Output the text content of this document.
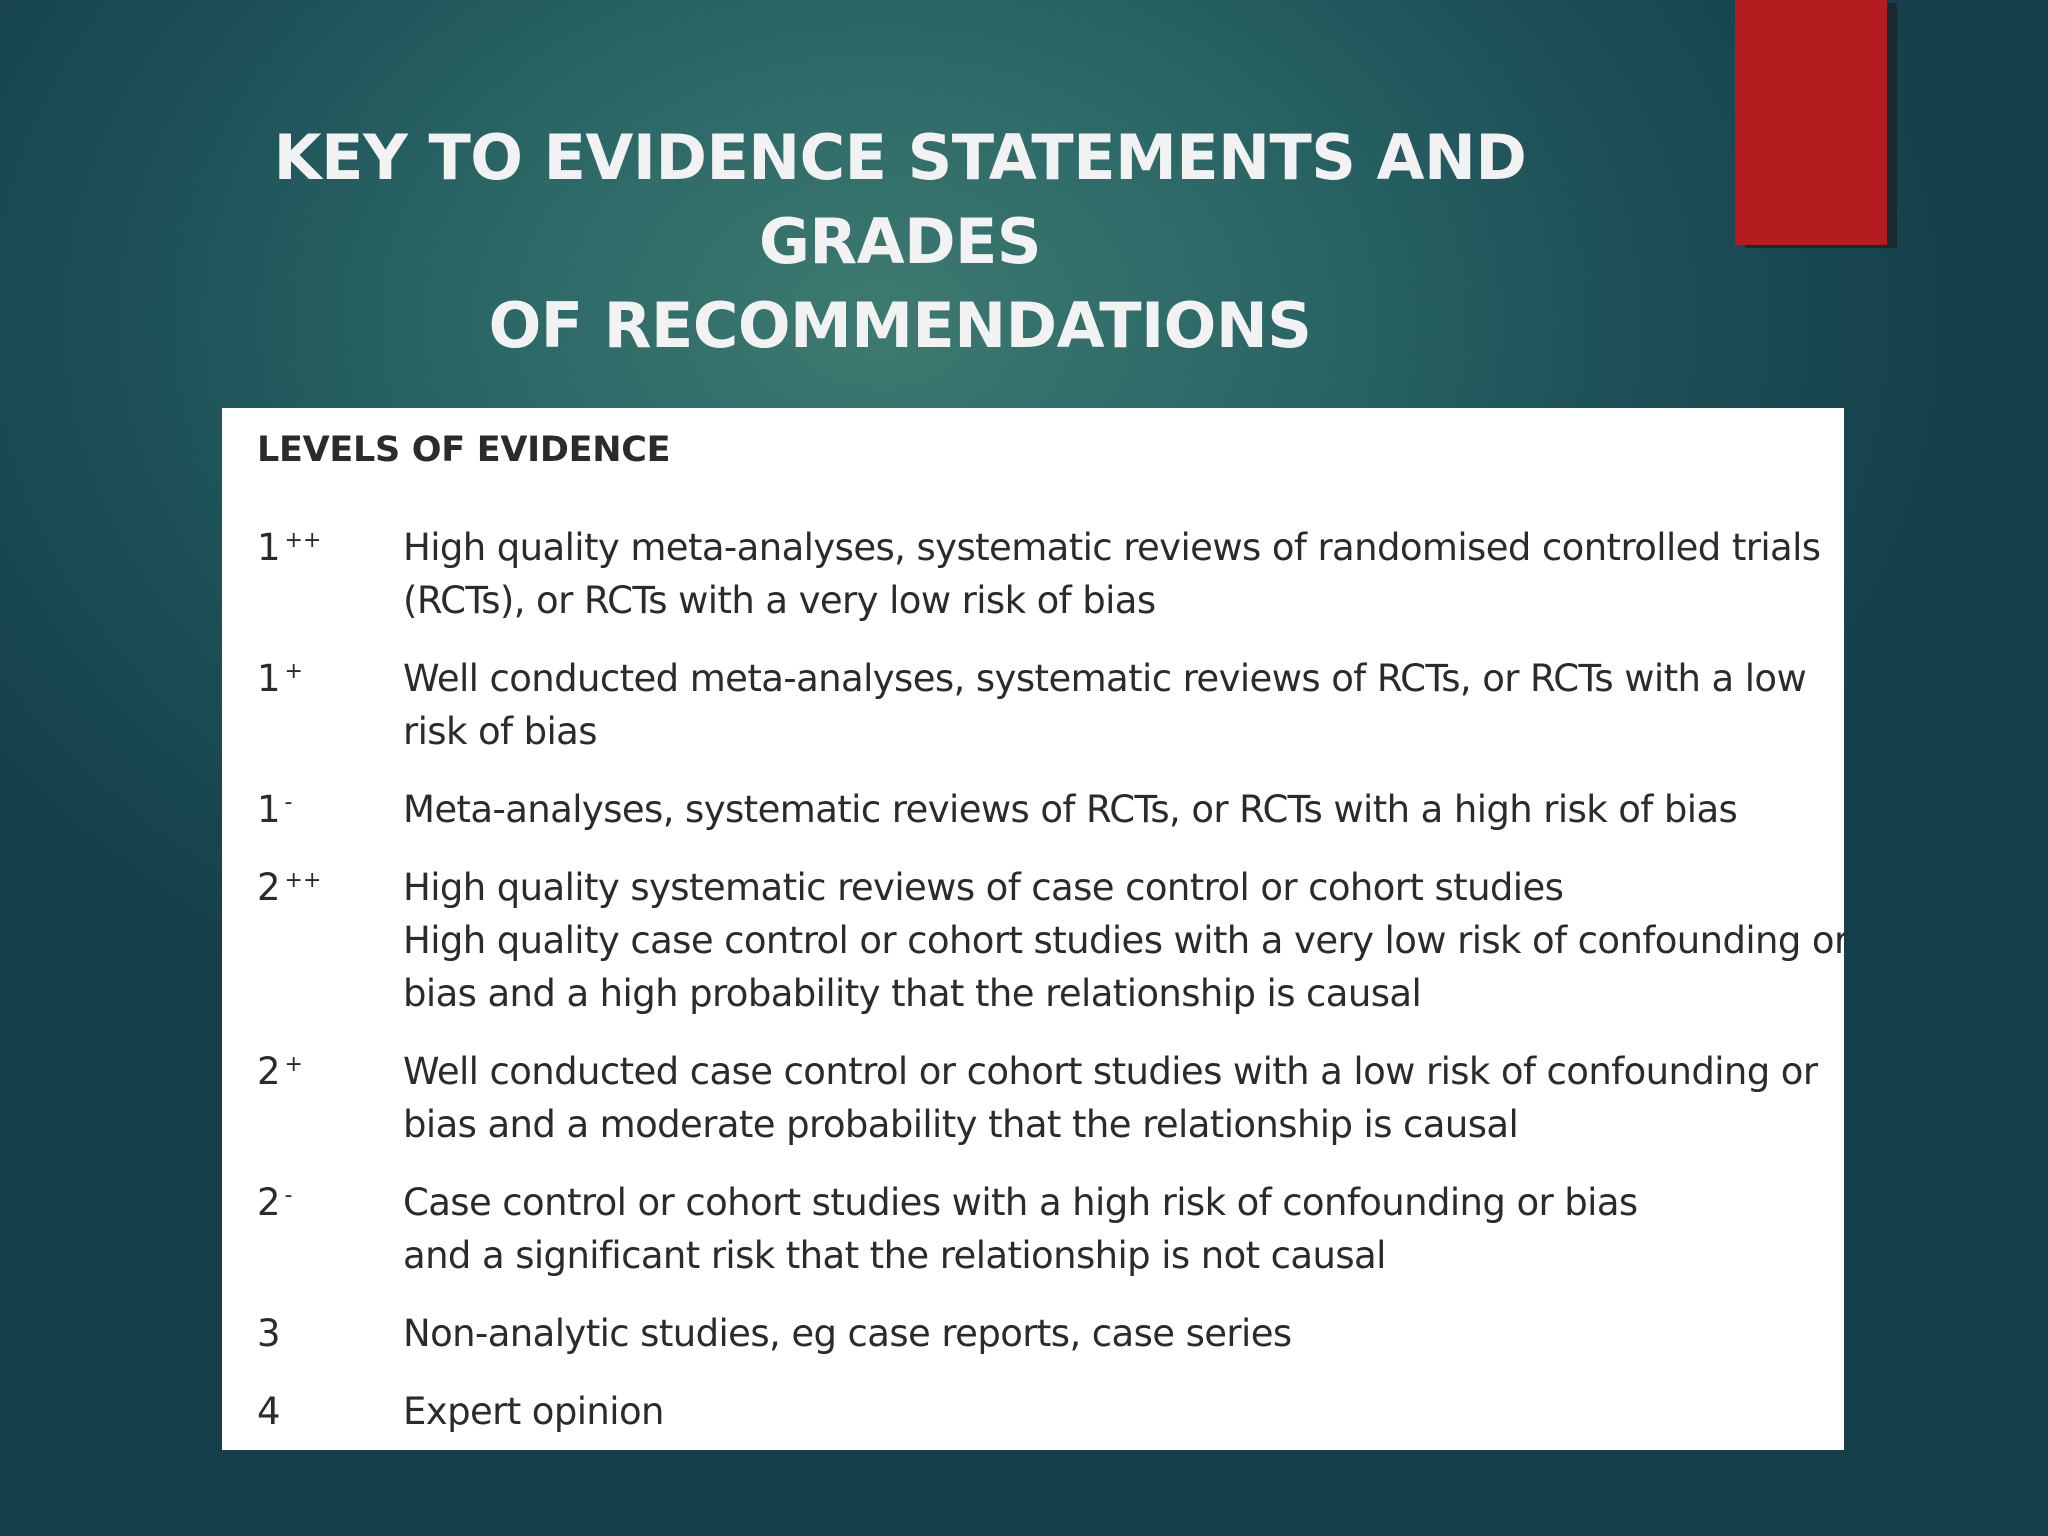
KEY TO EVIDENCE STATEMENTS AND GRADES
OF RECOMMENDATIONS
LEVELS OF EVIDENCE
1 ++ High quality meta-analyses, systematic reviews of randomised controlled trials
(RCTs), or RCTs with a very low risk of bias
1 +	Well conducted meta-analyses, systematic reviews of RCTs, or RCTs with a low
risk of bias
1 -	Meta-analyses, systematic reviews of RCTs, or RCTs with a high risk of bias
2 ++ High quality systematic reviews of case control or cohort studies
High quality case control or cohort studies with a very low risk of confounding or
bias and a high probability that the relationship is causal
2 +	Well conducted case control or cohort studies with a low risk of confounding or
bias and a moderate probability that the relationship is causal
2 -	Case control or cohort studies with a high risk of confounding or bias
and a significant risk that the relationship is not causal
3	Non-analytic studies, eg case reports, case series
4	Expert opinion
